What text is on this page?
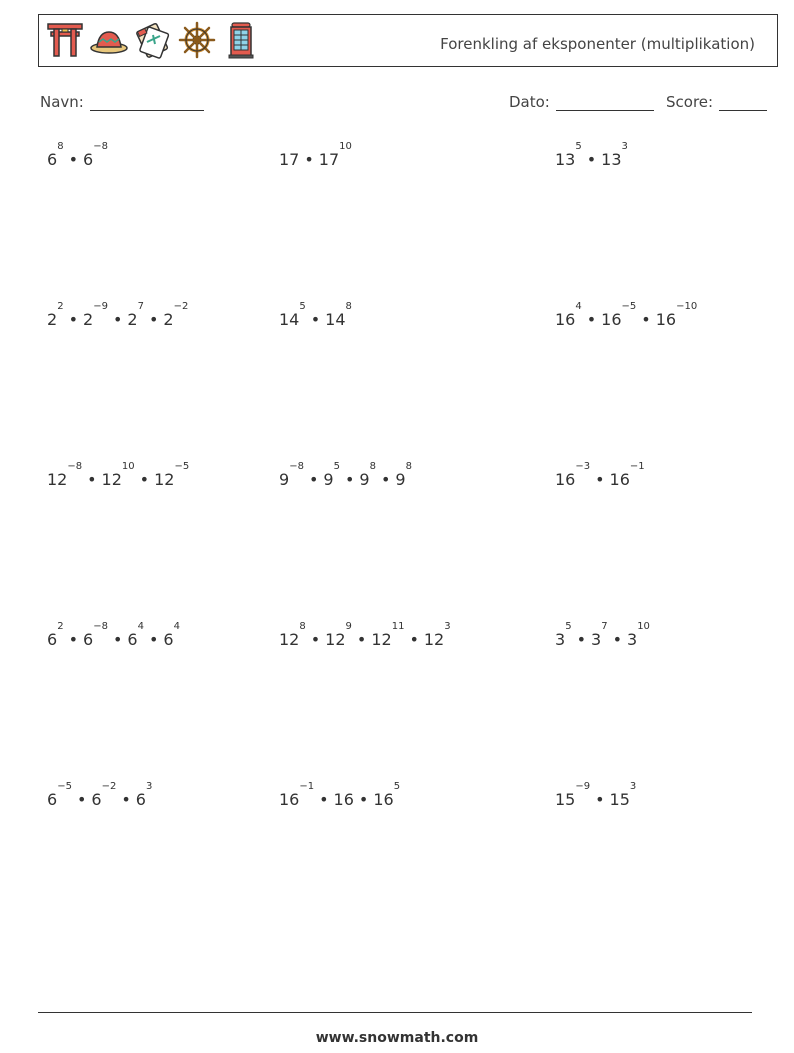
Forenkling af eksponenter (multiplikation)
Navn:	Dato:	Score:
$6^8•$ $6^{-8}$
17 • $17^{10}$
$13^5•$ $13^3$
$2^2•$ $2^{-9}•$ $2^7•$ $2^{-2}$
$14^5•$ $14^8$
$16^4•$ $16^{-5}•$ $16^{-10}$
$12^{-8}•$ $12^{10}•$ $12^{-5}$
$9^{-8}•$ $9^5•$ $9^8•$ $9^8$
$16^{-3}•$ $16^{-1}$
$6^2•$ $6^{-8}•$ $6^4•$ $6^4$
$12^8•$ $12^9•$ $12^{11}•$ $12^3$
$3^5•$ $3^7•$ $3^{10}$
$6^{-5}•$ $6^{-2}•$ $6^3$
$16^{-1}•$ 16 • $16^5$
$15^{-9}•$ $15^3$
www.snowmath.com
